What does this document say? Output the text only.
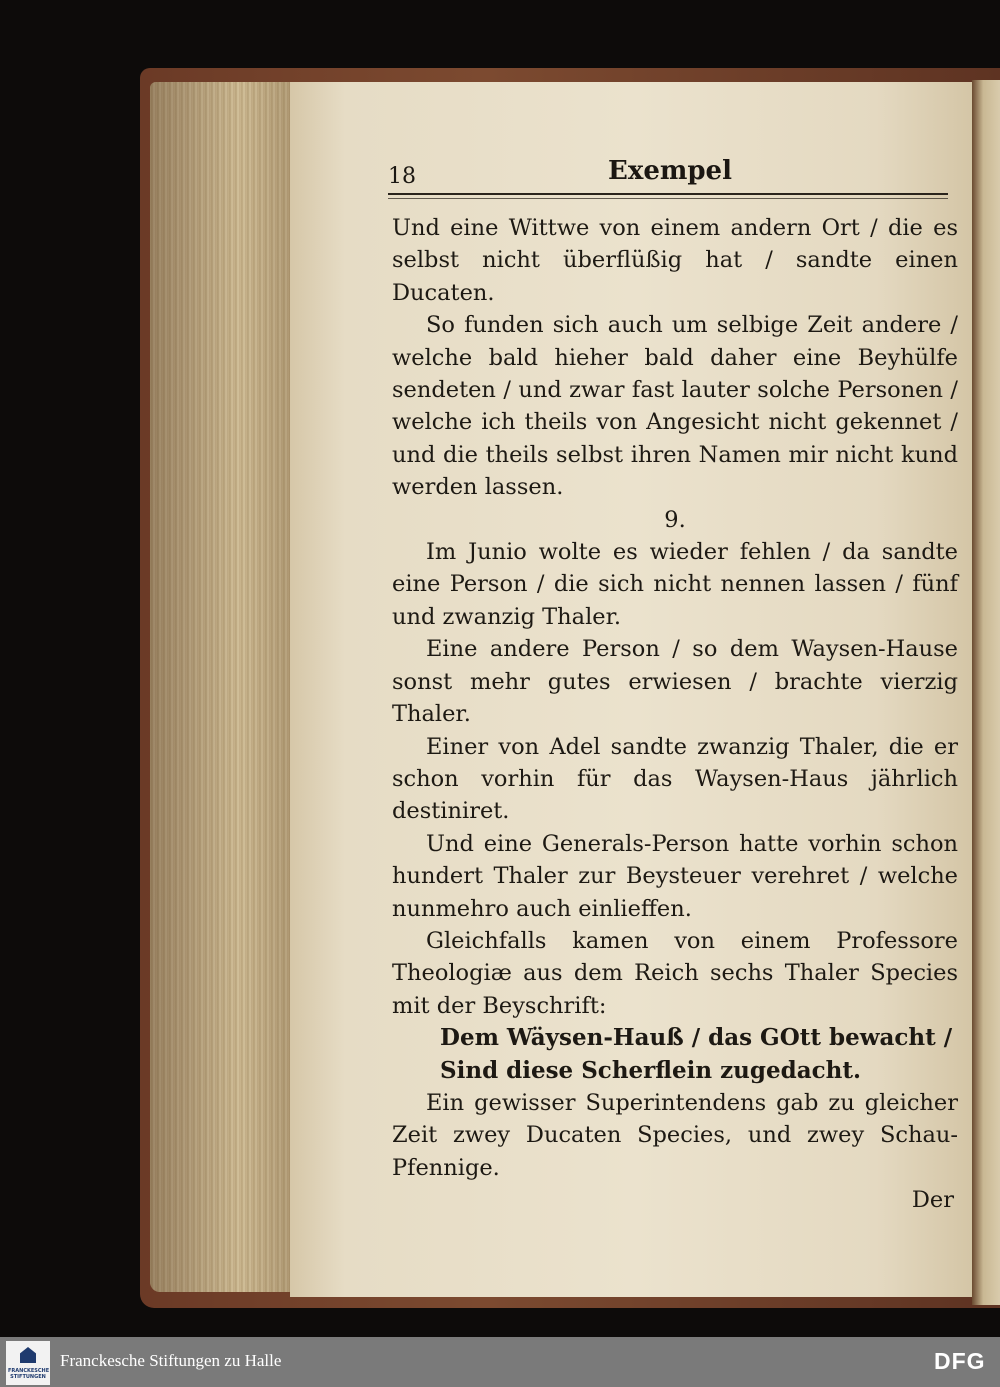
18	Exempel

Und eine Wittwe von einem andern Ort / die es selbst nicht überflüßig hat / sandte einen Ducaten.

So funden sich auch um selbige Zeit andere / welche bald hieher bald daher eine Beyhülfe sendeten / und zwar fast lauter solche Personen / welche ich theils von Angesicht nicht gekennet / und die theils selbst ihren Namen mir nicht kund werden lassen.

9.

Im Junio wolte es wieder fehlen / da sandte eine Person / die sich nicht nennen lassen / fünf und zwanzig Thaler.

Eine andere Person / so dem Waysen-Hause sonst mehr gutes erwiesen / brachte vierzig Thaler.

Einer von Adel sandte zwanzig Thaler, die er schon vorhin für das Waysen-Haus jährlich destiniret.

Und eine Generals-Person hatte vorhin schon hundert Thaler zur Beysteuer verehret / welche nunmehro auch einlieffen.

Gleichfalls kamen von einem Professore Theologiæ aus dem Reich sechs Thaler Species mit der Beyschrift:

Dem Wäysen-Hauß / das GOtt bewacht /

Sind diese Scherflein zugedacht.

Ein gewisser Superintendens gab zu gleicher Zeit zwey Ducaten Species, und zwey Schau-Pfennige.

Der

FRANCKESCHE STIFTUNGEN
Franckesche Stiftungen zu Halle	DFG
